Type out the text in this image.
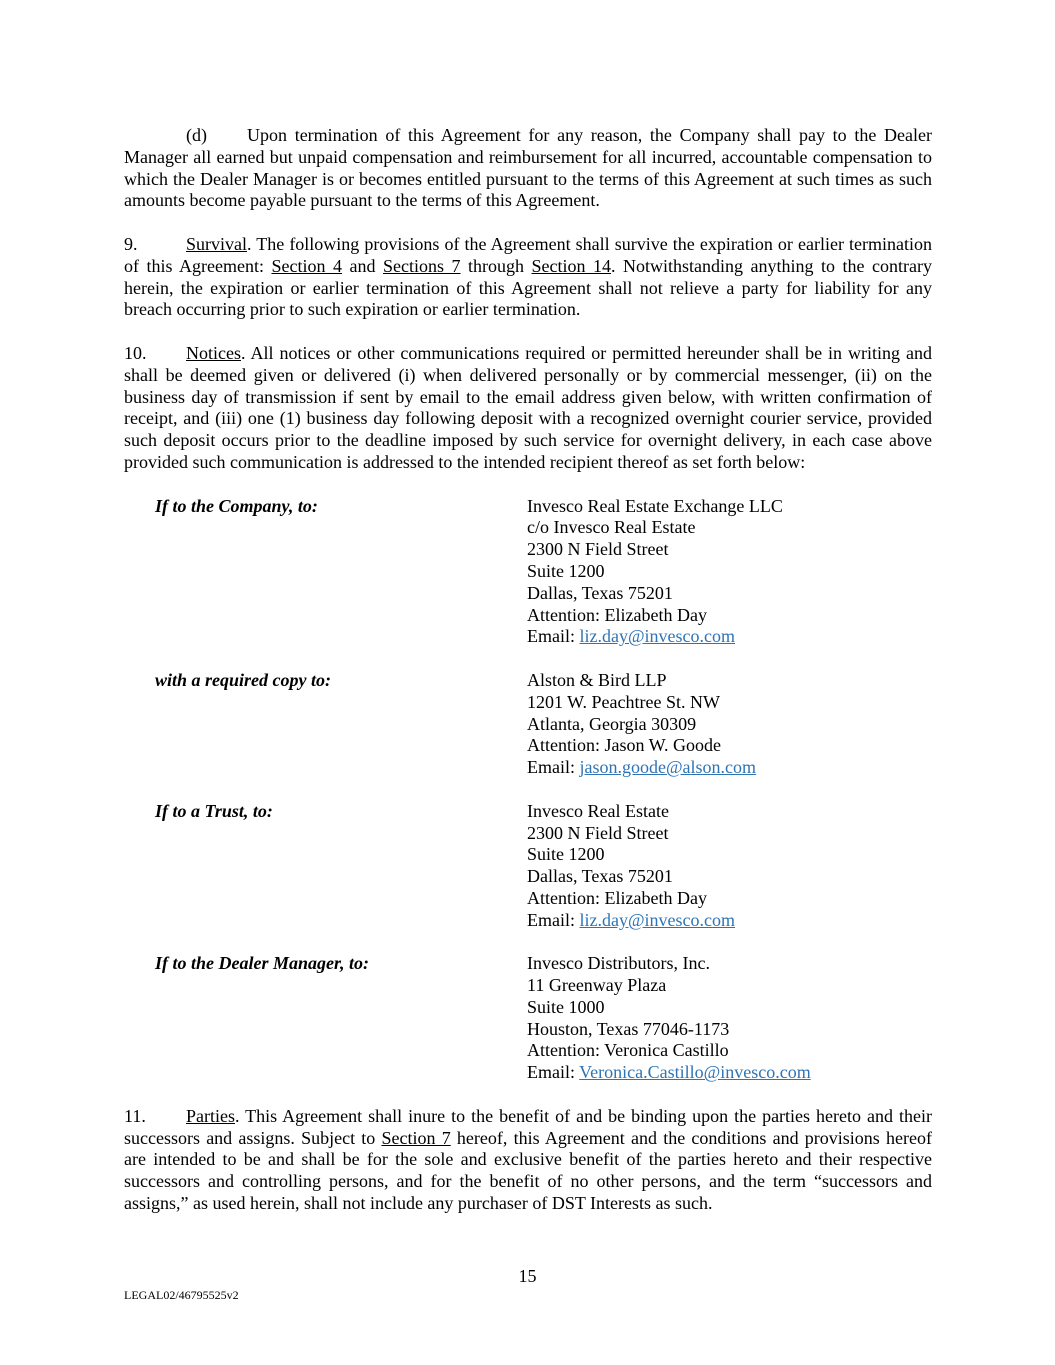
(d) Upon termination of this Agreement for any reason, the Company shall pay to the Dealer Manager all earned but unpaid compensation and reimbursement for all incurred, accountable compensation to which the Dealer Manager is or becomes entitled pursuant to the terms of this Agreement at such times as such amounts become payable pursuant to the terms of this Agreement.

9.	Survival. The following provisions of the Agreement shall survive the expiration or earlier termination of this Agreement: Section 4 and Sections 7 through Section 14. Notwithstanding anything to the contrary herein, the expiration or earlier termination of this Agreement shall not relieve a party for liability for any breach occurring prior to such expiration or earlier termination.

10. Notices. All notices or other communications required or permitted hereunder shall be in writing and shall be deemed given or delivered (i) when delivered personally or by commercial messenger, (ii) on the business day of transmission if sent by email to the email address given below, with written confirmation of receipt, and (iii) one (1) business day following deposit with a recognized overnight courier service, provided such deposit occurs prior to the deadline imposed by such service for overnight delivery, in each case above provided such communication is addressed to the intended recipient thereof as set forth below:

If to the Company, to:	Invesco Real Estate Exchange LLC
c/o Invesco Real Estate
2300 N Field Street
Suite 1200
Dallas, Texas 75201
Attention: Elizabeth Day
Email: liz.day@invesco.com
with a required copy to:	Alston & Bird LLP
1201 W. Peachtree St. NW
Atlanta, Georgia 30309
Attention: Jason W. Goode
Email: jason.goode@alson.com
If to a Trust, to:	Invesco Real Estate
2300 N Field Street
Suite 1200
Dallas, Texas 75201
Attention: Elizabeth Day
Email: liz.day@invesco.com
If to the Dealer Manager, to:	Invesco Distributors, Inc.
11 Greenway Plaza
Suite 1000
Houston, Texas 77046-1173
Attention: Veronica Castillo
Email: Veronica.Castillo@invesco.com

11. Parties. This Agreement shall inure to the benefit of and be binding upon the parties hereto and their successors and assigns. Subject to Section 7 hereof, this Agreement and the conditions and provisions hereof are intended to be and shall be for the sole and exclusive benefit of the parties hereto and their respective successors and controlling persons, and for the benefit of no other persons, and the term “successors and assigns,” as used herein, shall not include any purchaser of DST Interests as such.

15
LEGAL02/46795525v2
